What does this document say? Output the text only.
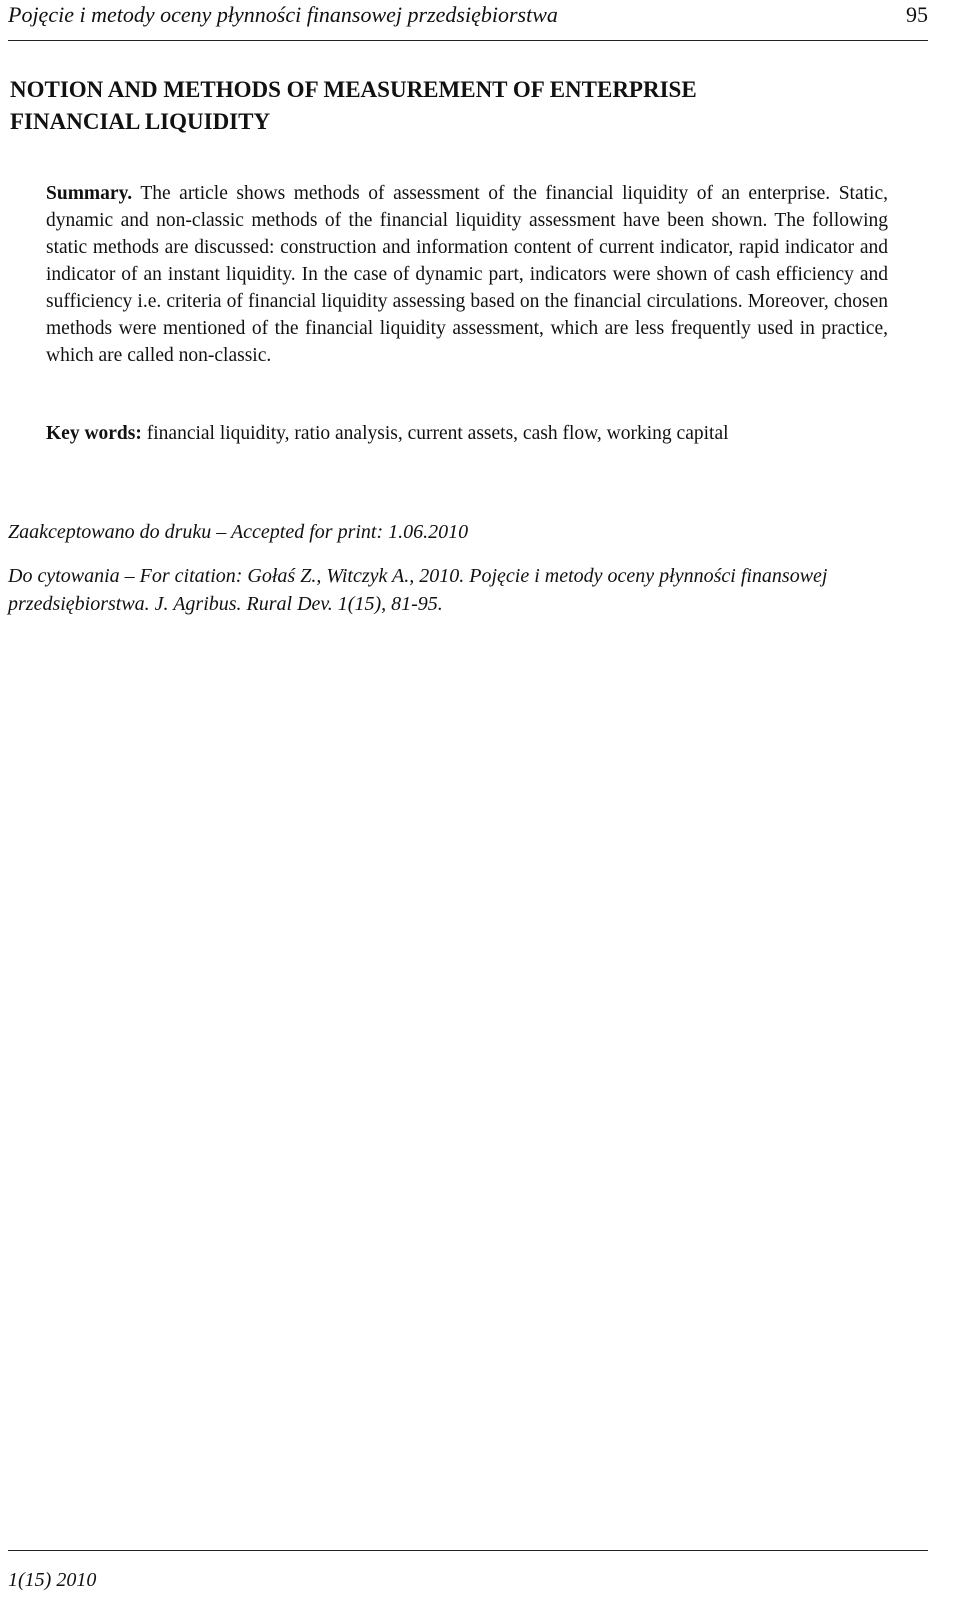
Pojęcie i metody oceny płynności finansowej przedsiębiorstwa	95
NOTION AND METHODS OF MEASUREMENT OF ENTERPRISE
FINANCIAL LIQUIDITY

Summary. The article shows methods of assessment of the financial liquidity of an enterprise. Static, dynamic and non-classic methods of the financial liquidity assessment have been shown. The following static methods are discussed: construction and information content of current indicator, rapid indicator and indicator of an instant liquidity. In the case of dynamic part, indicators were shown of cash efficiency and sufficiency i.e. criteria of financial liquidity assessing based on the financial circulations. Moreover, chosen methods were mentioned of the financial liquidity assessment, which are less frequently used in practice, which are called non-classic.

Key words: financial liquidity, ratio analysis, current assets, cash flow, working capital

Zaakceptowano do druku – Accepted for print: 1.06.2010

Do cytowania – For citation: Gołaś Z., Witczyk A., 2010. Pojęcie i metody oceny płynności finansowej przedsiębiorstwa. J. Agribus. Rural Dev. 1(15), 81-95.

1(15) 2010
